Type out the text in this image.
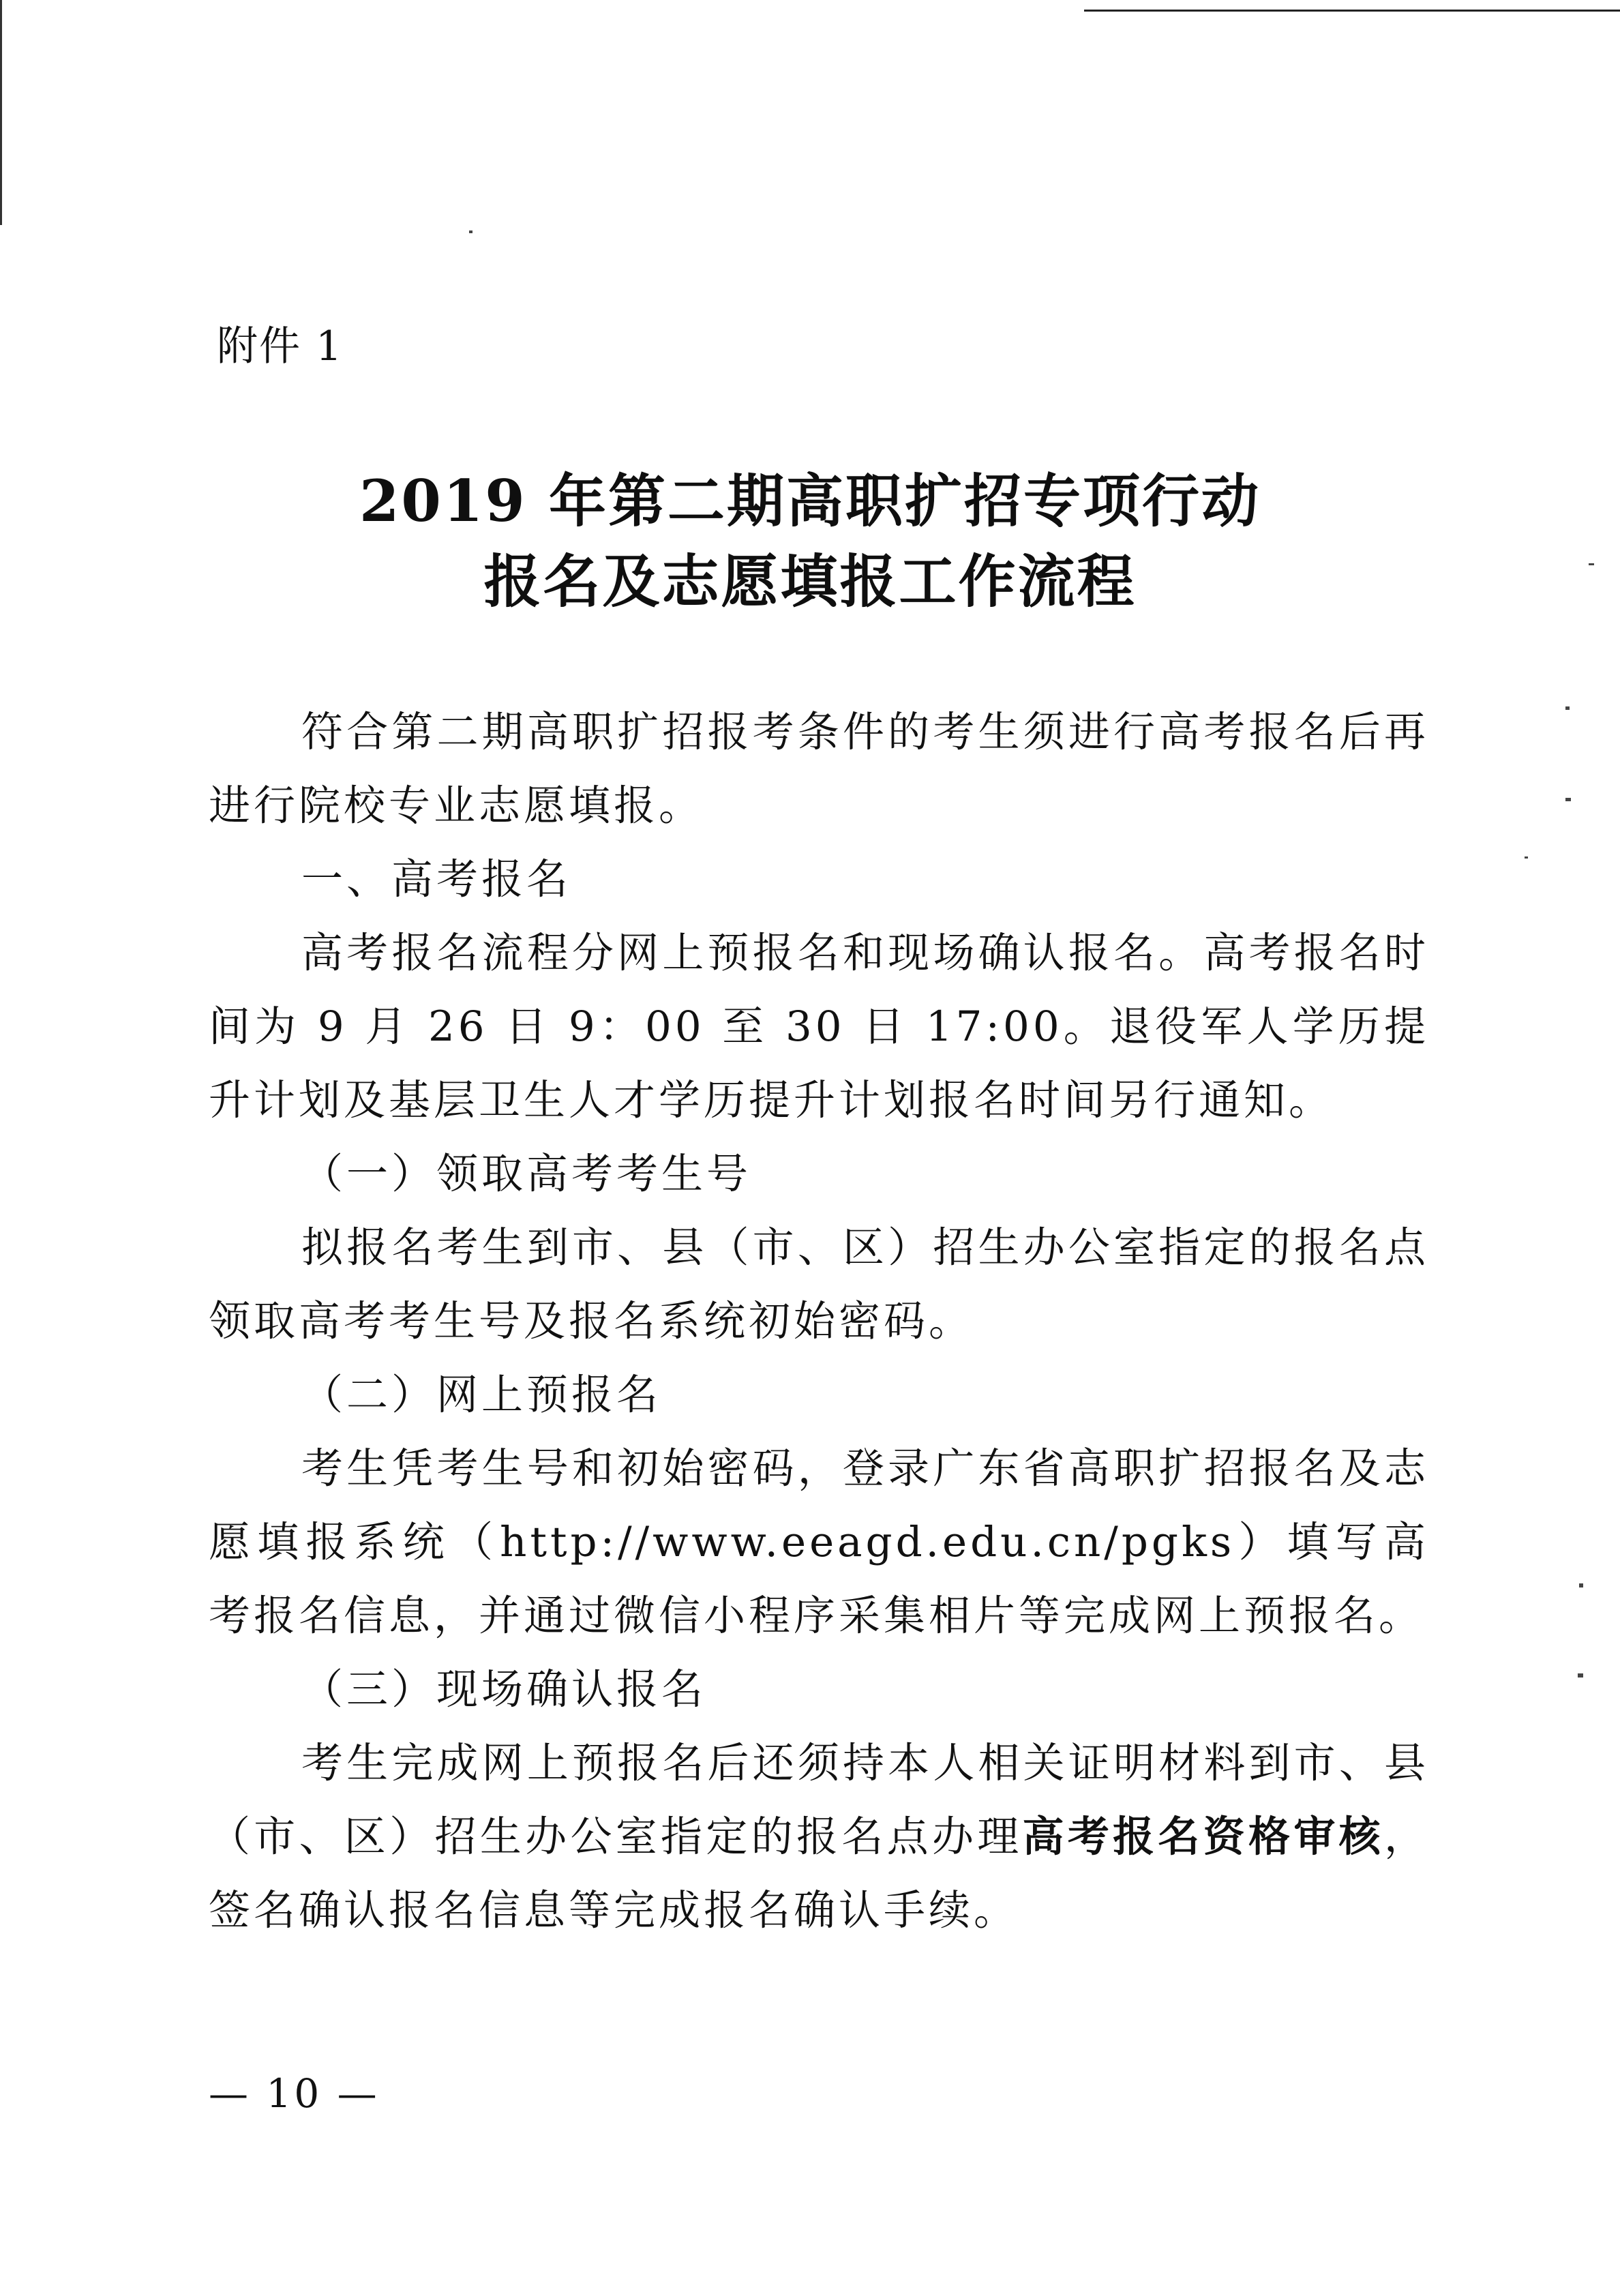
附件 1
2019 年第二期高职扩招专项行动
报名及志愿填报工作流程

符合第二期高职扩招报考条件的考生须进行高考报名后再进行院校专业志愿填报。

一、高考报名

高考报名流程分网上预报名和现场确认报名。高考报名时间为 9 月 26 日 9：00 至 30 日 17:00。退役军人学历提升计划及基层卫生人才学历提升计划报名时间另行通知。

（一）领取高考考生号

拟报名考生到市、县（市、区）招生办公室指定的报名点领取高考考生号及报名系统初始密码。

（二）网上预报名

考生凭考生号和初始密码，登录广东省高职扩招报名及志愿填报系统（http://www.eeagd.edu.cn/pgks）填写高考报名信息，并通过微信小程序采集相片等完成网上预报名。

（三）现场确认报名

考生完成网上预报名后还须持本人相关证明材料到市、县（市、区）招生办公室指定的报名点办理高考报名资格审核，签名确认报名信息等完成报名确认手续。

— 10 —
